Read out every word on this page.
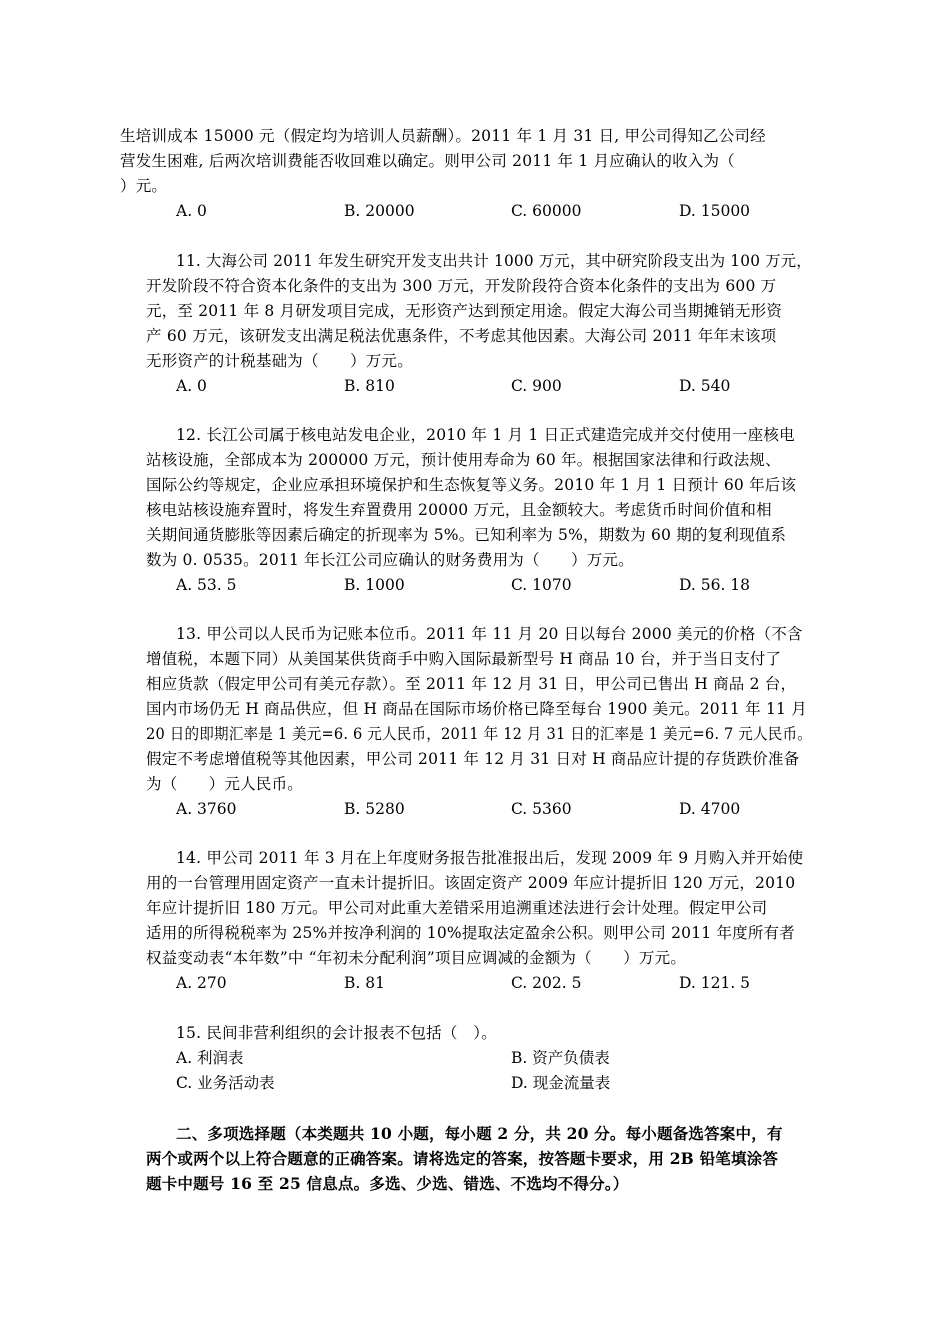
生培训成本 15000 元（假定均为培训人员薪酬）。2011 年 1 月 31 日, 甲公司得知乙公司经
营发生困难, 后两次培训费能否收回难以确定。则甲公司 2011 年 1 月应确认的收入为（
）元。
A. 0	B. 20000	C. 60000	D. 15000
11. 大海公司 2011 年发生研究开发支出共计 1000 万元，其中研究阶段支出为 100 万元，
开发阶段不符合资本化条件的支出为 300 万元，开发阶段符合资本化条件的支出为 600 万
元，至 2011 年 8 月研发项目完成，无形资产达到预定用途。假定大海公司当期摊销无形资
产 60 万元，该研发支出满足税法优惠条件，不考虑其他因素。大海公司 2011 年年末该项
无形资产的计税基础为（　　）万元。
A. 0	B. 810	C. 900	D. 540
12. 长江公司属于核电站发电企业，2010 年 1 月 1 日正式建造完成并交付使用一座核电
站核设施，全部成本为 200000 万元，预计使用寿命为 60 年。根据国家法律和行政法规、
国际公约等规定，企业应承担环境保护和生态恢复等义务。2010 年 1 月 1 日预计 60 年后该
核电站核设施弃置时，将发生弃置费用 20000 万元，且金额较大。考虑货币时间价值和相
关期间通货膨胀等因素后确定的折现率为 5%。已知利率为 5%，期数为 60 期的复利现值系
数为 0. 0535。2011 年长江公司应确认的财务费用为（　　）万元。
A. 53. 5	B. 1000	C. 1070	D. 56. 18
13. 甲公司以人民币为记账本位币。2011 年 11 月 20 日以每台 2000 美元的价格（不含
增值税，本题下同）从美国某供货商手中购入国际最新型号 H 商品 10 台，并于当日支付了
相应货款（假定甲公司有美元存款）。至 2011 年 12 月 31 日，甲公司已售出 H 商品 2 台，
国内市场仍无 H 商品供应，但 H 商品在国际市场价格已降至每台 1900 美元。2011 年 11 月
20 日的即期汇率是 1 美元=6. 6 元人民币，2011 年 12 月 31 日的汇率是 1 美元=6. 7 元人民币。
假定不考虑增值税等其他因素，甲公司 2011 年 12 月 31 日对 H 商品应计提的存货跌价准备
为（　　）元人民币。
A. 3760	B. 5280	C. 5360	D. 4700
14. 甲公司 2011 年 3 月在上年度财务报告批准报出后，发现 2009 年 9 月购入并开始使
用的一台管理用固定资产一直未计提折旧。该固定资产 2009 年应计提折旧 120 万元，2010
年应计提折旧 180 万元。甲公司对此重大差错采用追溯重述法进行会计处理。假定甲公司
适用的所得税税率为 25%并按净利润的 10%提取法定盈余公积。则甲公司 2011 年度所有者
权益变动表“本年数”中 “年初未分配利润”项目应调减的金额为（　　）万元。
A. 270	B. 81	C. 202. 5	D. 121. 5
15. 民间非营利组织的会计报表不包括（　）。
A. 利润表	B. 资产负债表
C. 业务活动表	D. 现金流量表
二、多项选择题（本类题共 10 小题，每小题 2 分，共 20 分。每小题备选答案中，有
两个或两个以上符合题意的正确答案。请将选定的答案，按答题卡要求，用 2B 铅笔填涂答
题卡中题号 16 至 25 信息点。多选、少选、错选、不选均不得分。）
